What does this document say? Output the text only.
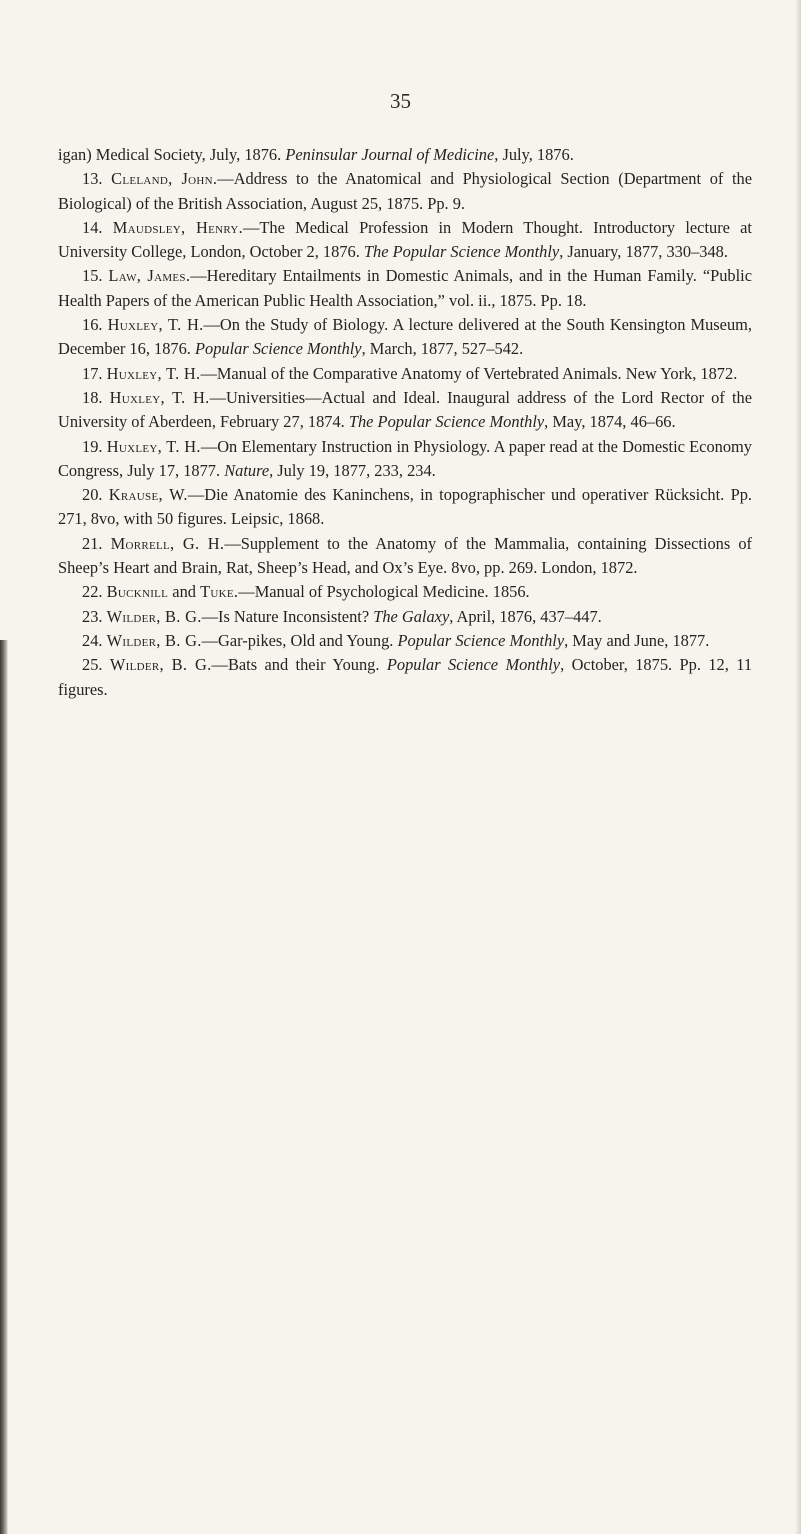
35
igan) Medical Society, July, 1876. Peninsular Journal of Medicine, July, 1876.
13. Cleland, John.—Address to the Anatomical and Physiological Section (Department of the Biological) of the British Association, August 25, 1875. Pp. 9.
14. Maudsley, Henry.—The Medical Profession in Modern Thought. Introductory lecture at University College, London, October 2, 1876. The Popular Science Monthly, January, 1877, 330–348.
15. Law, James.—Hereditary Entailments in Domestic Animals, and in the Human Family. “Public Health Papers of the American Public Health Association,” vol. ii., 1875. Pp. 18.
16. Huxley, T. H.—On the Study of Biology. A lecture delivered at the South Kensington Museum, December 16, 1876. Popular Science Monthly, March, 1877, 527–542.
17. Huxley, T. H.—Manual of the Comparative Anatomy of Vertebrated Animals. New York, 1872.
18. Huxley, T. H.—Universities—Actual and Ideal. Inaugural address of the Lord Rector of the University of Aberdeen, February 27, 1874. The Popular Science Monthly, May, 1874, 46–66.
19. Huxley, T. H.—On Elementary Instruction in Physiology. A paper read at the Domestic Economy Congress, July 17, 1877. Nature, July 19, 1877, 233, 234.
20. Krause, W.—Die Anatomie des Kaninchens, in topographischer und operativer Rücksicht. Pp. 271, 8vo, with 50 figures. Leipsic, 1868.
21. Morrell, G. H.—Supplement to the Anatomy of the Mammalia, containing Dissections of Sheep’s Heart and Brain, Rat, Sheep’s Head, and Ox’s Eye. 8vo, pp. 269. London, 1872.
22. Bucknill and Tuke.—Manual of Psychological Medicine. 1856.
23. Wilder, B. G.—Is Nature Inconsistent? The Galaxy, April, 1876, 437–447.
24. Wilder, B. G.—Gar-pikes, Old and Young. Popular Science Monthly, May and June, 1877.
25. Wilder, B. G.—Bats and their Young. Popular Science Monthly, October, 1875. Pp. 12, 11 figures.
